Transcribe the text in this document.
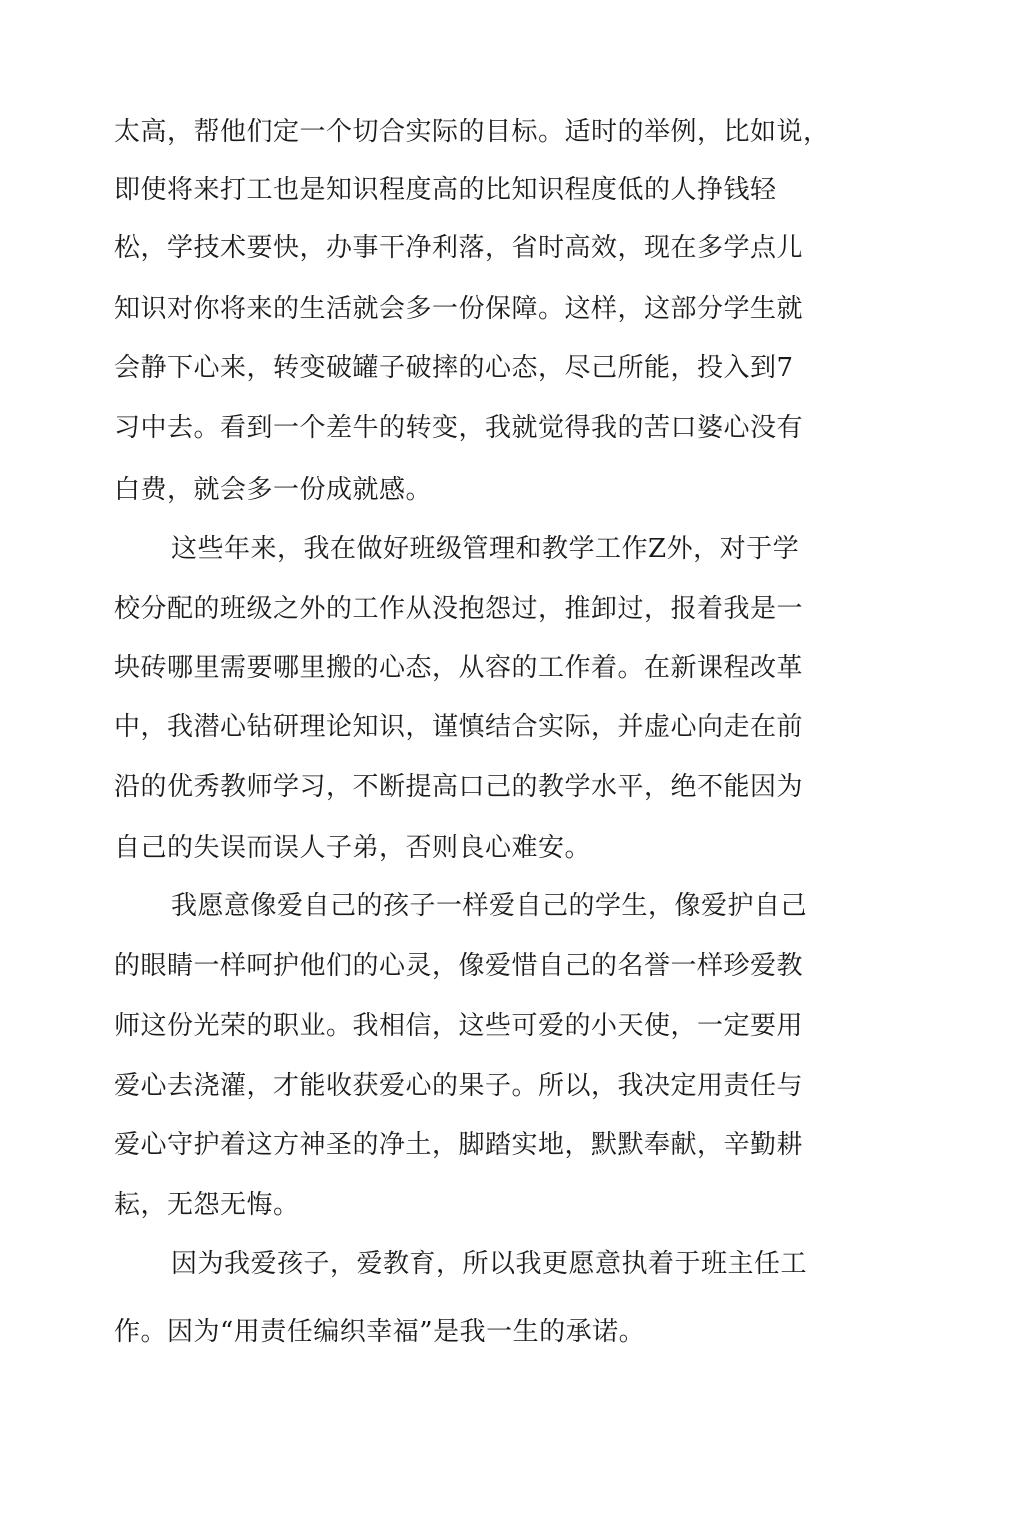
太高，帮他们定一个切合实际的目标。适时的举例，比如说，
即使将来打工也是知识程度高的比知识程度低的人挣钱轻
松，学技术要快，办事干净利落，省时高效，现在多学点儿
知识对你将来的生活就会多一份保障。这样，这部分学生就
会静下心来，转变破罐子破摔的心态，尽己所能，投入到7
习中去。看到一个差牛的转变，我就觉得我的苦口婆心没有
白费，就会多一份成就感。
这些年来，我在做好班级管理和教学工作Z外，对于学
校分配的班级之外的工作从没抱怨过，推卸过，报着我是一
块砖哪里需要哪里搬的心态，从容的工作着。在新课程改革
中，我潜心钻研理论知识，谨慎结合实际，并虚心向走在前
沿的优秀教师学习，不断提高口己的教学水平，绝不能因为
自己的失误而误人子弟，否则良心难安。
我愿意像爱自己的孩子一样爱自己的学生，像爱护自己
的眼睛一样呵护他们的心灵，像爱惜自己的名誉一样珍爱教
师这份光荣的职业。我相信，这些可爱的小天使，一定要用
爱心去浇灌，才能收获爱心的果子。所以，我决定用责任与
爱心守护着这方神圣的净土，脚踏实地，默默奉献，辛勤耕
耘，无怨无悔。
因为我爱孩子，爱教育，所以我更愿意执着于班主任工
作。因为“用责任编织幸福”是我一生的承诺。
